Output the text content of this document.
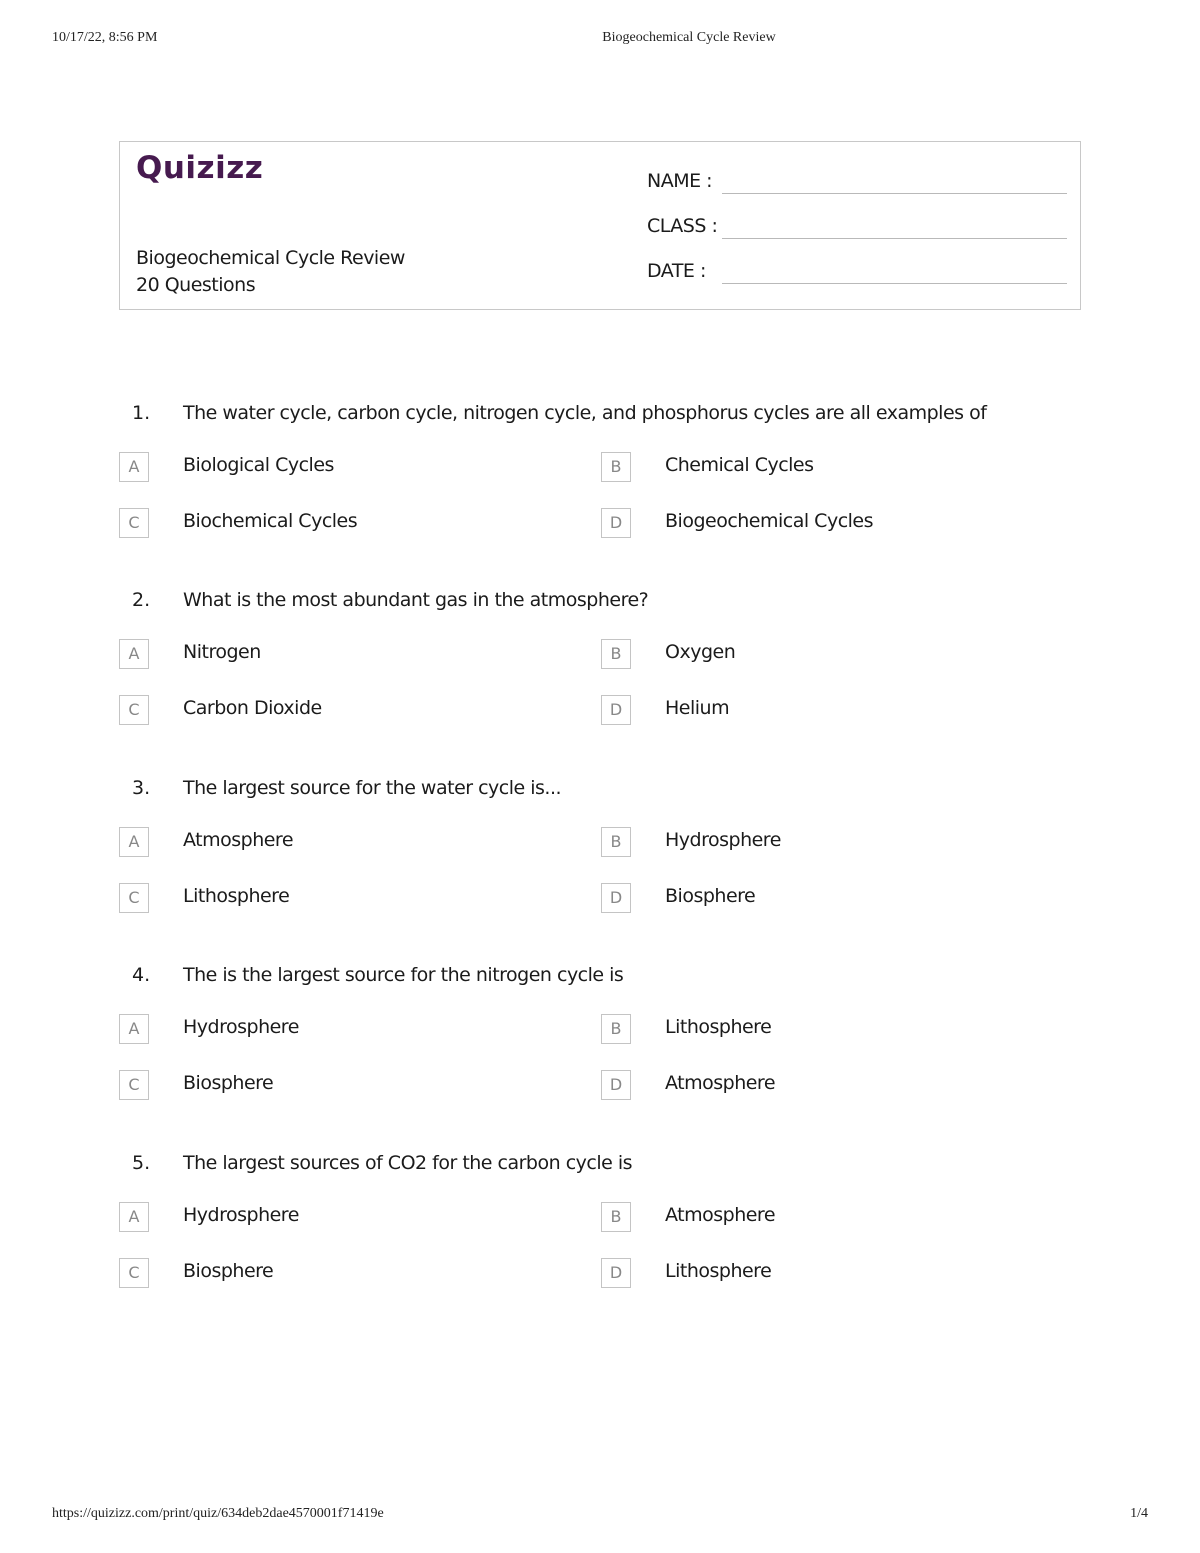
10/17/22, 8:56 PM	Biogeochemical Cycle Review
Quizizz
Biogeochemical Cycle Review
20 Questions
NAME :
CLASS :
DATE :
1. The water cycle, carbon cycle, nitrogen cycle, and phosphorus cycles are all examples of
A	Biological Cycles	B	Chemical Cycles
C	Biochemical Cycles	D	Biogeochemical Cycles
2. What is the most abundant gas in the atmosphere?
A	Nitrogen	B	Oxygen
C	Carbon Dioxide	D	Helium
3. The largest source for the water cycle is...
A	Atmosphere	B	Hydrosphere
C	Lithosphere	D	Biosphere
4. The is the largest source for the nitrogen cycle is
A	Hydrosphere	B	Lithosphere
C	Biosphere	D	Atmosphere
5. The largest sources of CO2 for the carbon cycle is
A	Hydrosphere	B	Atmosphere
C	Biosphere	D	Lithosphere
https://quizizz.com/print/quiz/634deb2dae4570001f71419e	1/4
